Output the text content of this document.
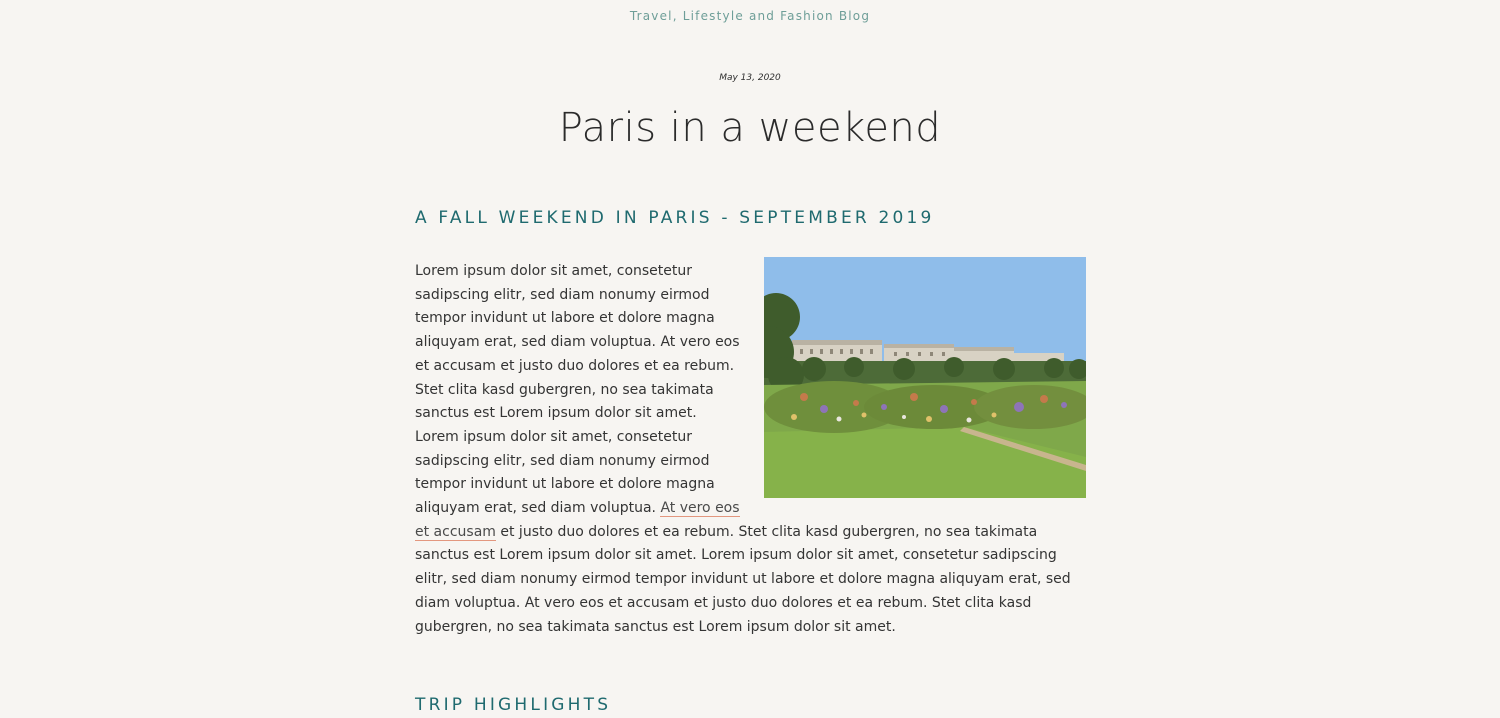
Travel, Lifestyle and Fashion Blog
May 13, 2020
Paris in a weekend
A FALL WEEKEND IN PARIS - SEPTEMBER 2019
Lorem ipsum dolor sit amet, consetetur sadipscing elitr, sed diam nonumy eirmod tempor invidunt ut labore et dolore magna aliquyam erat, sed diam voluptua. At vero eos et accusam et justo duo dolores et ea rebum. Stet clita kasd gubergren, no sea takimata sanctus est Lorem ipsum dolor sit amet. Lorem ipsum dolor sit amet, consetetur sadipscing elitr, sed diam nonumy eirmod tempor invidunt ut labore et dolore magna aliquyam erat, sed diam voluptua. At vero eos et accusam et justo duo dolores et ea rebum. Stet clita kasd gubergren, no sea takimata sanctus est Lorem ipsum dolor sit amet. Lorem ipsum dolor sit amet, consetetur sadipscing elitr, sed diam nonumy eirmod tempor invidunt ut labore et dolore magna aliquyam erat, sed diam voluptua. At vero eos et accusam et justo duo dolores et ea rebum. Stet clita kasd gubergren, no sea takimata sanctus est Lorem ipsum dolor sit amet.
TRIP HIGHLIGHTS
